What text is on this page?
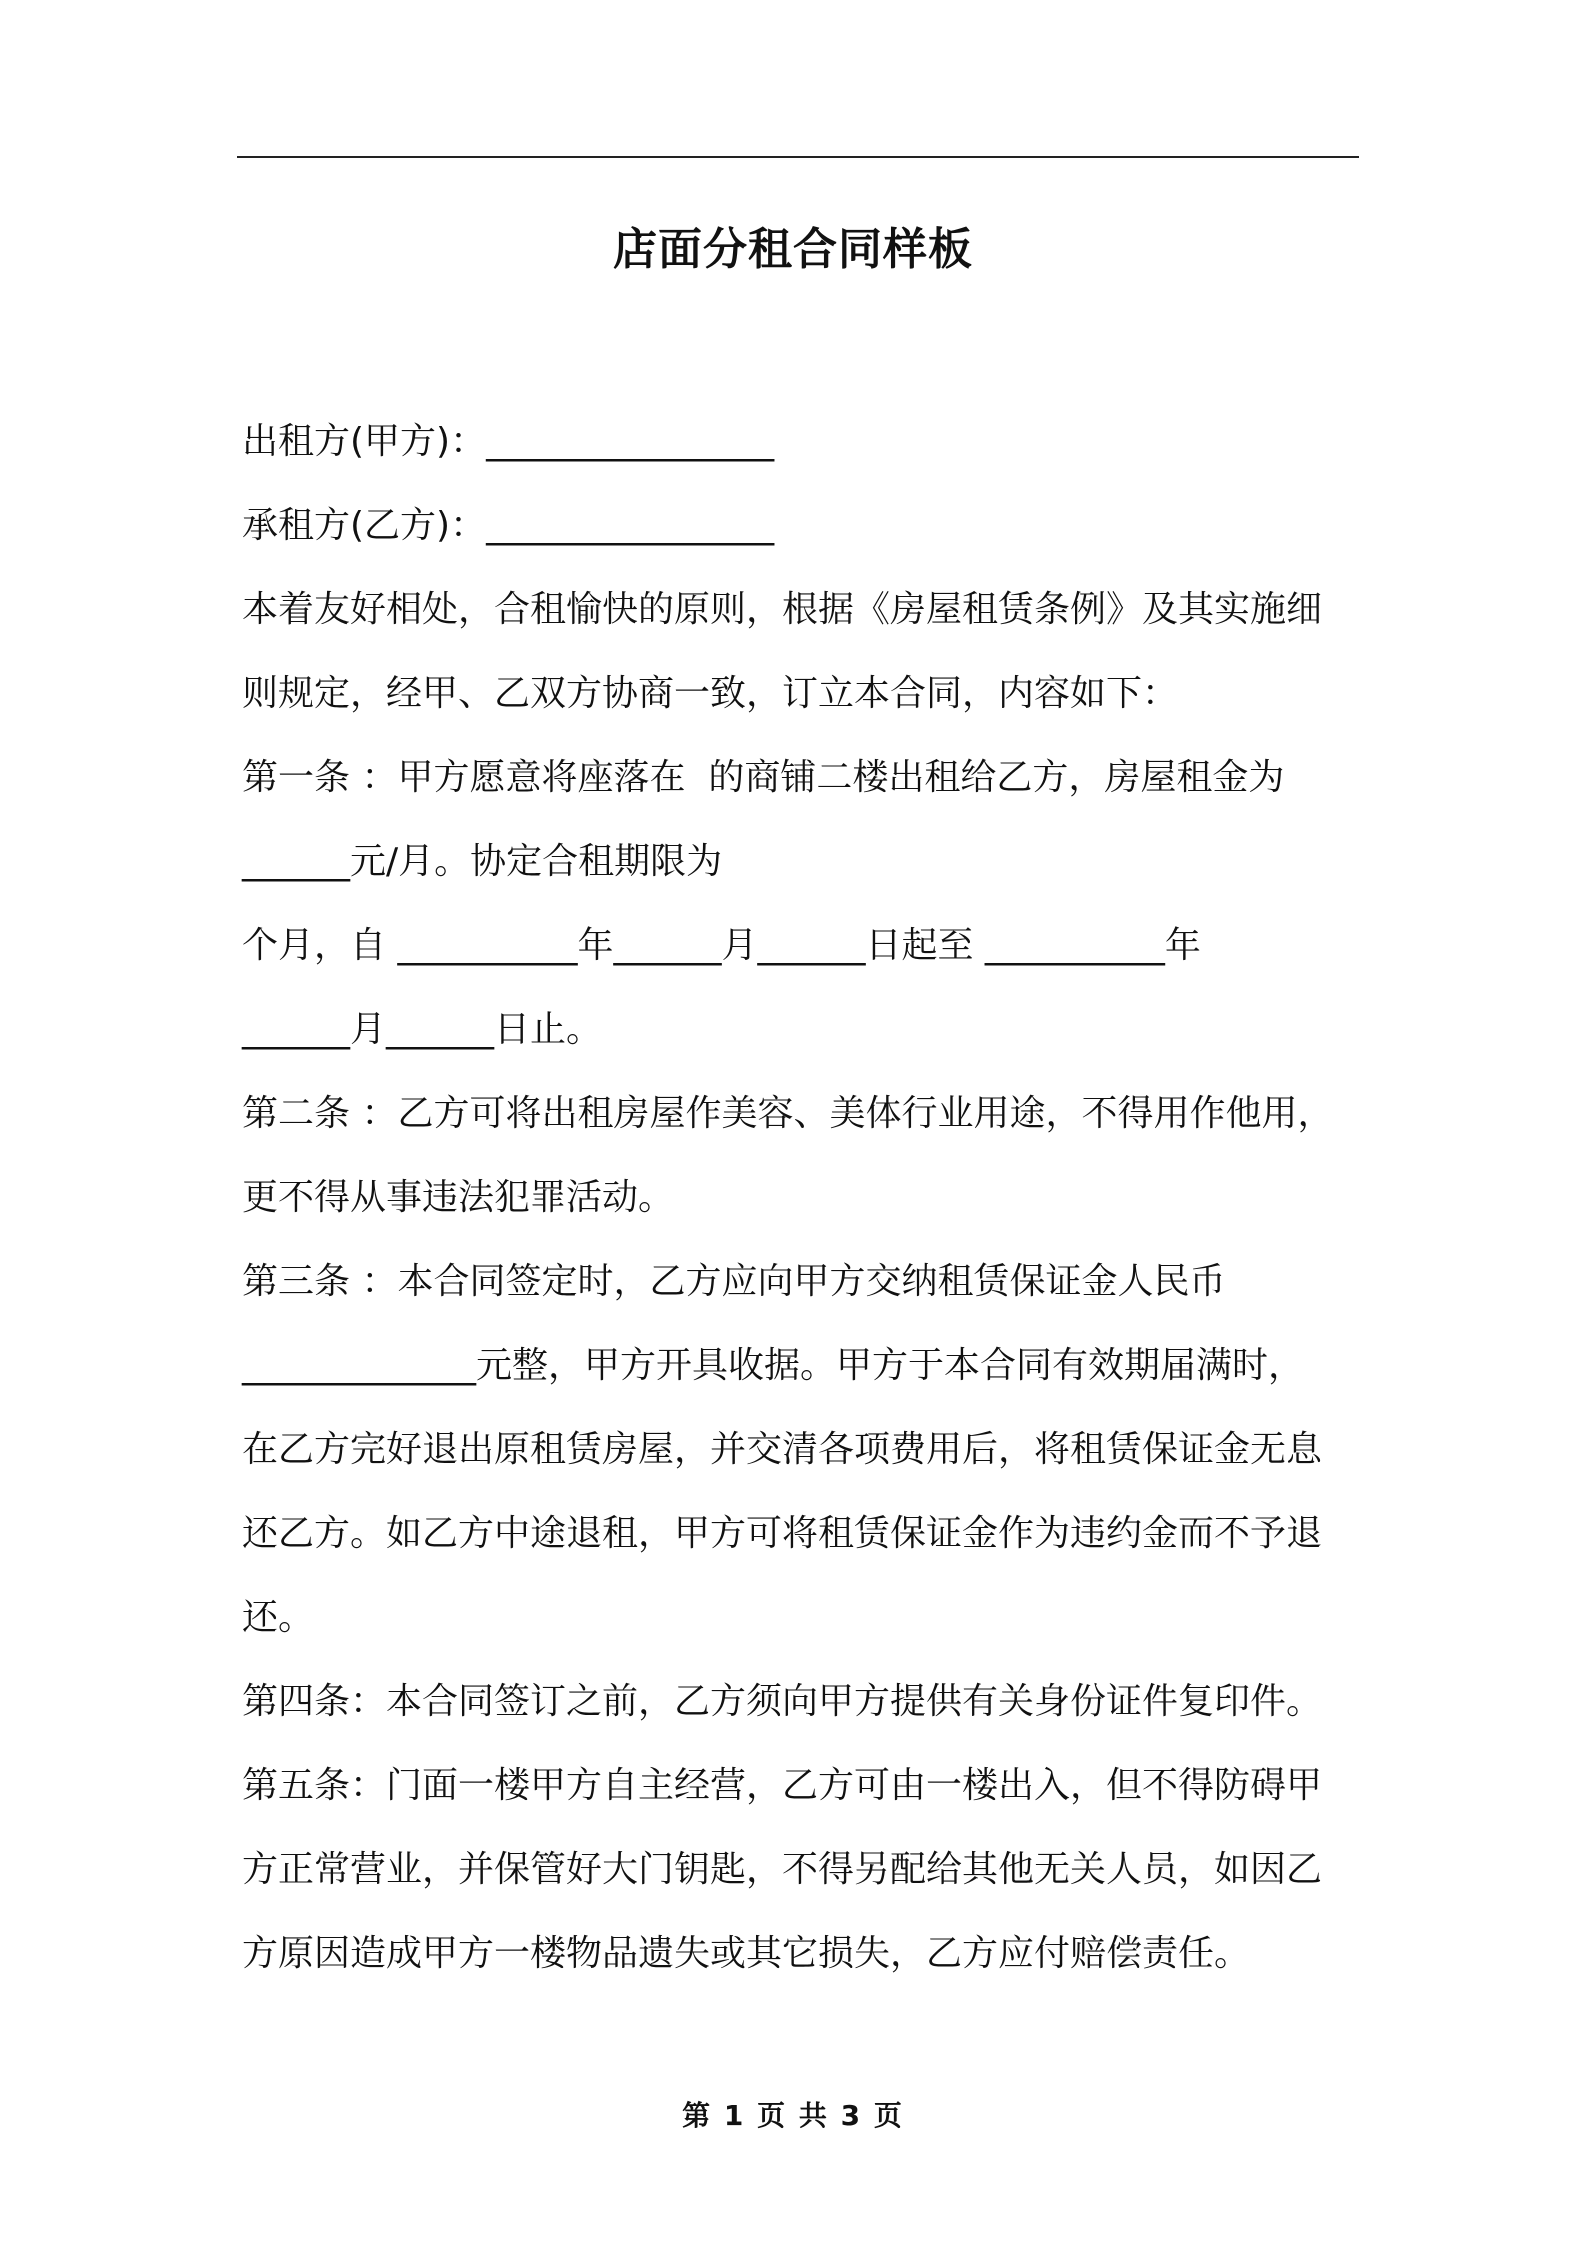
店面分租合同样板
出租方(甲方)：________________
承租方(乙方)：________________
本着友好相处，合租愉快的原则，根据《房屋租赁条例》及其实施细
则规定，经甲、乙双方协商一致，订立本合同，内容如下：
第一条 ：甲方愿意将座落在  的商铺二楼出租给乙方，房屋租金为
______元/月。协定合租期限为
个月，自 __________年______月______日起至 __________年
______月______日止。
第二条 ：乙方可将出租房屋作美容、美体行业用途，不得用作他用，
更不得从事违法犯罪活动。
第三条 ：本合同签定时，乙方应向甲方交纳租赁保证金人民币
_____________元整，甲方开具收据。甲方于本合同有效期届满时，
在乙方完好退出原租赁房屋，并交清各项费用后，将租赁保证金无息
还乙方。如乙方中途退租，甲方可将租赁保证金作为违约金而不予退
还。
第四条：本合同签订之前，乙方须向甲方提供有关身份证件复印件。
第五条：门面一楼甲方自主经营，乙方可由一楼出入，但不得防碍甲
方正常营业，并保管好大门钥匙，不得另配给其他无关人员，如因乙
方原因造成甲方一楼物品遗失或其它损失，乙方应付赔偿责任。
第 1 页 共 3 页
